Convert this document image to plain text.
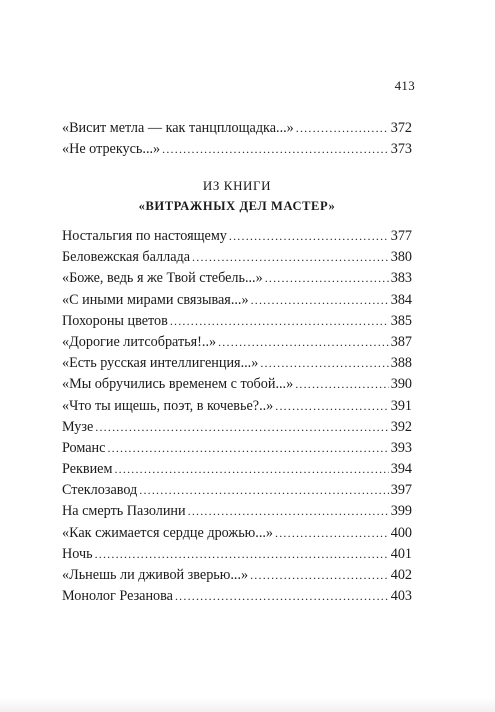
413
«Висит метла — как танцплощадка...» .....	372
«Не отрекусь...» .....	373
ИЗ КНИГИ
«ВИТРАЖНЫХ ДЕЛ МАСТЕР»
Ностальгия по настоящему .....	377
Беловежская баллада .....	380
«Боже, ведь я же Твой стебель...» .....	383
«С иными мирами связывая...» .....	384
Похороны цветов .....	385
«Дорогие литсобратья!..» .....	387
«Есть русская интеллигенция...» .....	388
«Мы обручились временем с тобой...» .....	390
«Что ты ищешь, поэт, в кочевье?..» .....	391
Музе .....	392
Романс .....	393
Реквием .....	394
Стеклозавод .....	397
На смерть Пазолини .....	399
«Как сжимается сердце дрожью...» .....	400
Ночь .....	401
«Льнешь ли дживой зверью...» .....	402
Монолог Резанова .....	403
